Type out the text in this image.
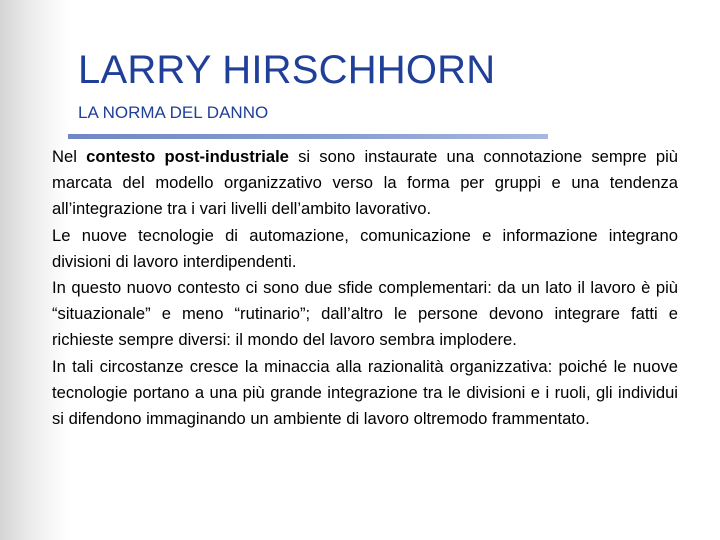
LARRY HIRSCHHORN
LA NORMA DEL DANNO

Nel contesto post-industriale si sono instaurate una connotazione sempre più marcata del modello organizzativo verso la forma per gruppi e una tendenza all’integrazione tra i vari livelli dell’ambito lavorativo.

Le nuove tecnologie di automazione, comunicazione e informazione integrano divisioni di lavoro interdipendenti.

In questo nuovo contesto ci sono due sfide complementari: da un lato il lavoro è più “situazionale” e meno “rutinario”; dall’altro le persone devono integrare fatti e richieste sempre diversi: il mondo del lavoro sembra implodere.

In tali circostanze cresce la minaccia alla razionalità organizzativa: poiché le nuove tecnologie portano a una più grande integrazione tra le divisioni e i ruoli, gli individui si difendono immaginando un ambiente di lavoro oltremodo frammentato.
